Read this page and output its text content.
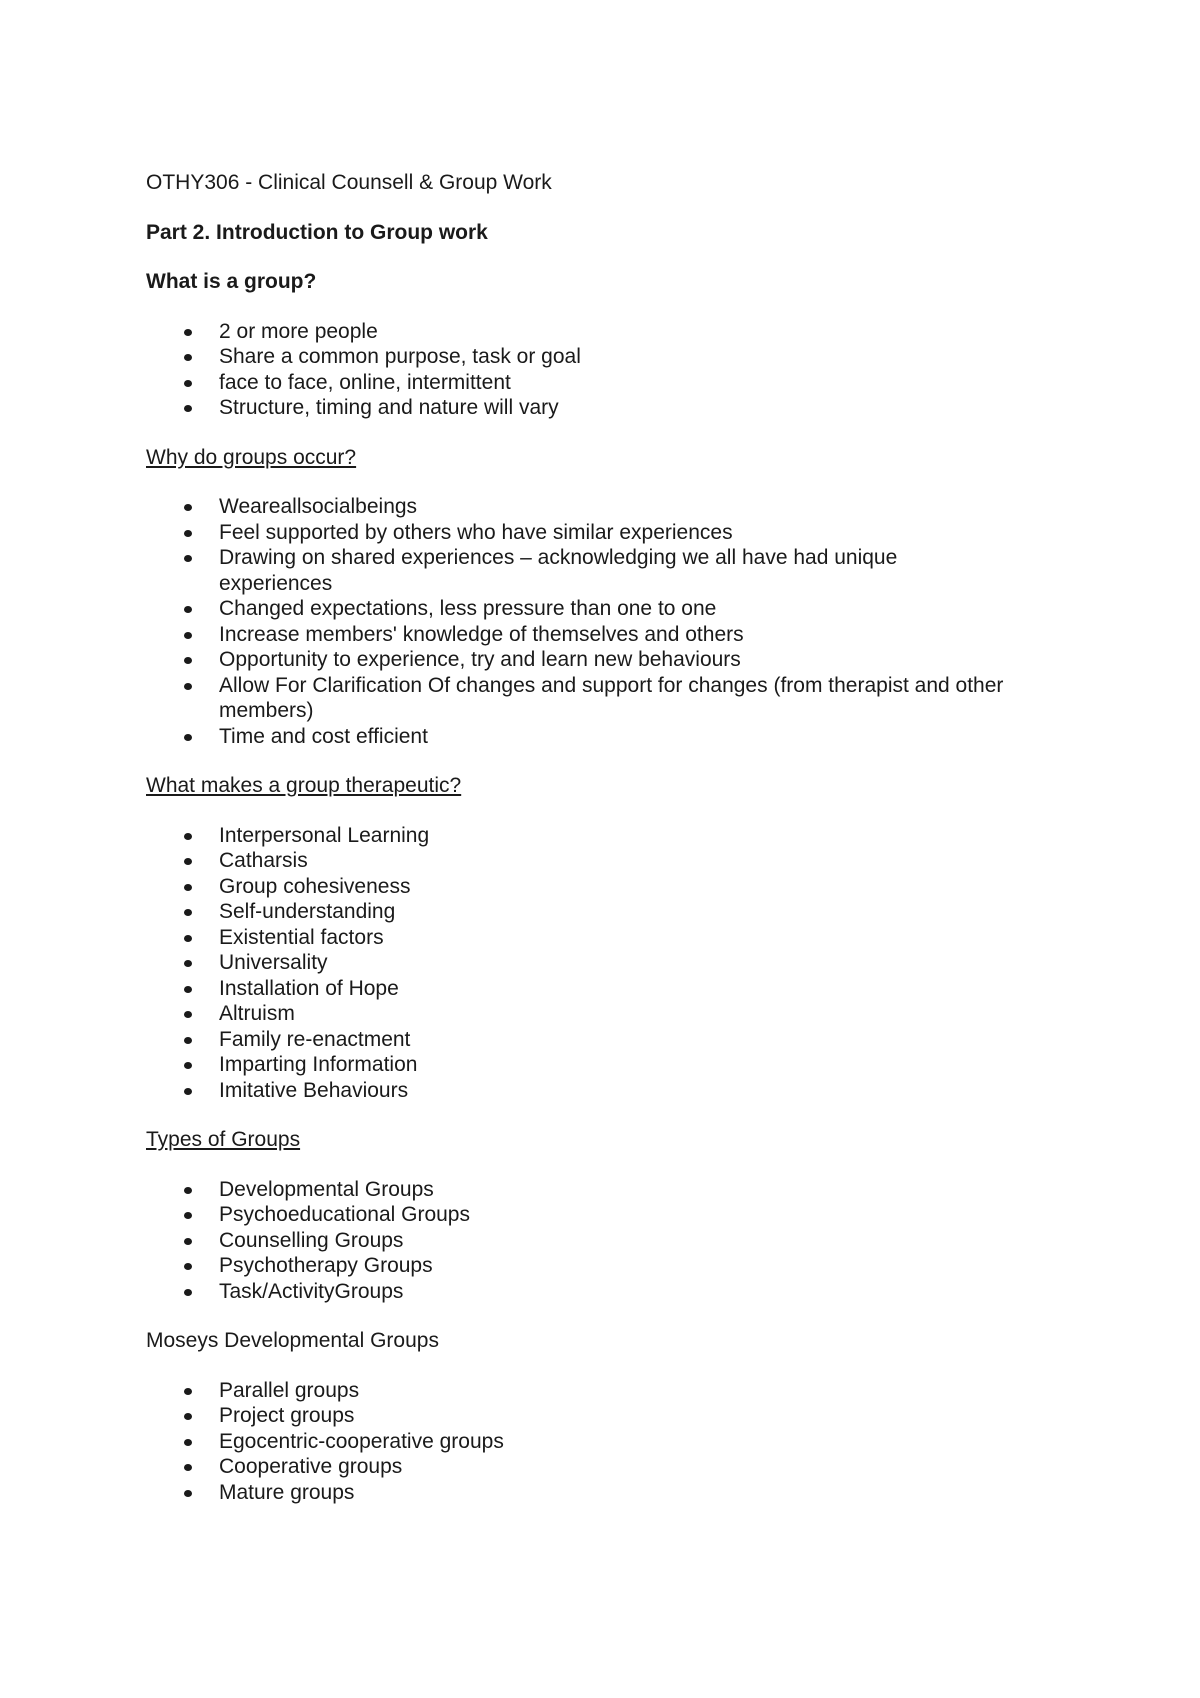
OTHY306 - Clinical Counsell & Group Work

Part 2. Introduction to Group work

What is a group?

2 or more people
Share a common purpose, task or goal
face to face, online, intermittent
Structure, timing and nature will vary

Why do groups occur?

Weareallsocialbeings
Feel supported by others who have similar experiences
Drawing on shared experiences – acknowledging we all have had unique experiences
Changed expectations, less pressure than one to one
Increase members' knowledge of themselves and others
Opportunity to experience, try and learn new behaviours
Allow For Clarification Of changes and support for changes (from therapist and other members)
Time and cost efficient

What makes a group therapeutic?

Interpersonal Learning
Catharsis
Group cohesiveness
Self-understanding
Existential factors
Universality
Installation of Hope
Altruism
Family re-enactment
Imparting Information
Imitative Behaviours

Types of Groups

Developmental Groups
Psychoeducational Groups
Counselling Groups
Psychotherapy Groups
Task/ActivityGroups

Moseys Developmental Groups

Parallel groups
Project groups
Egocentric-cooperative groups
Cooperative groups
Mature groups
